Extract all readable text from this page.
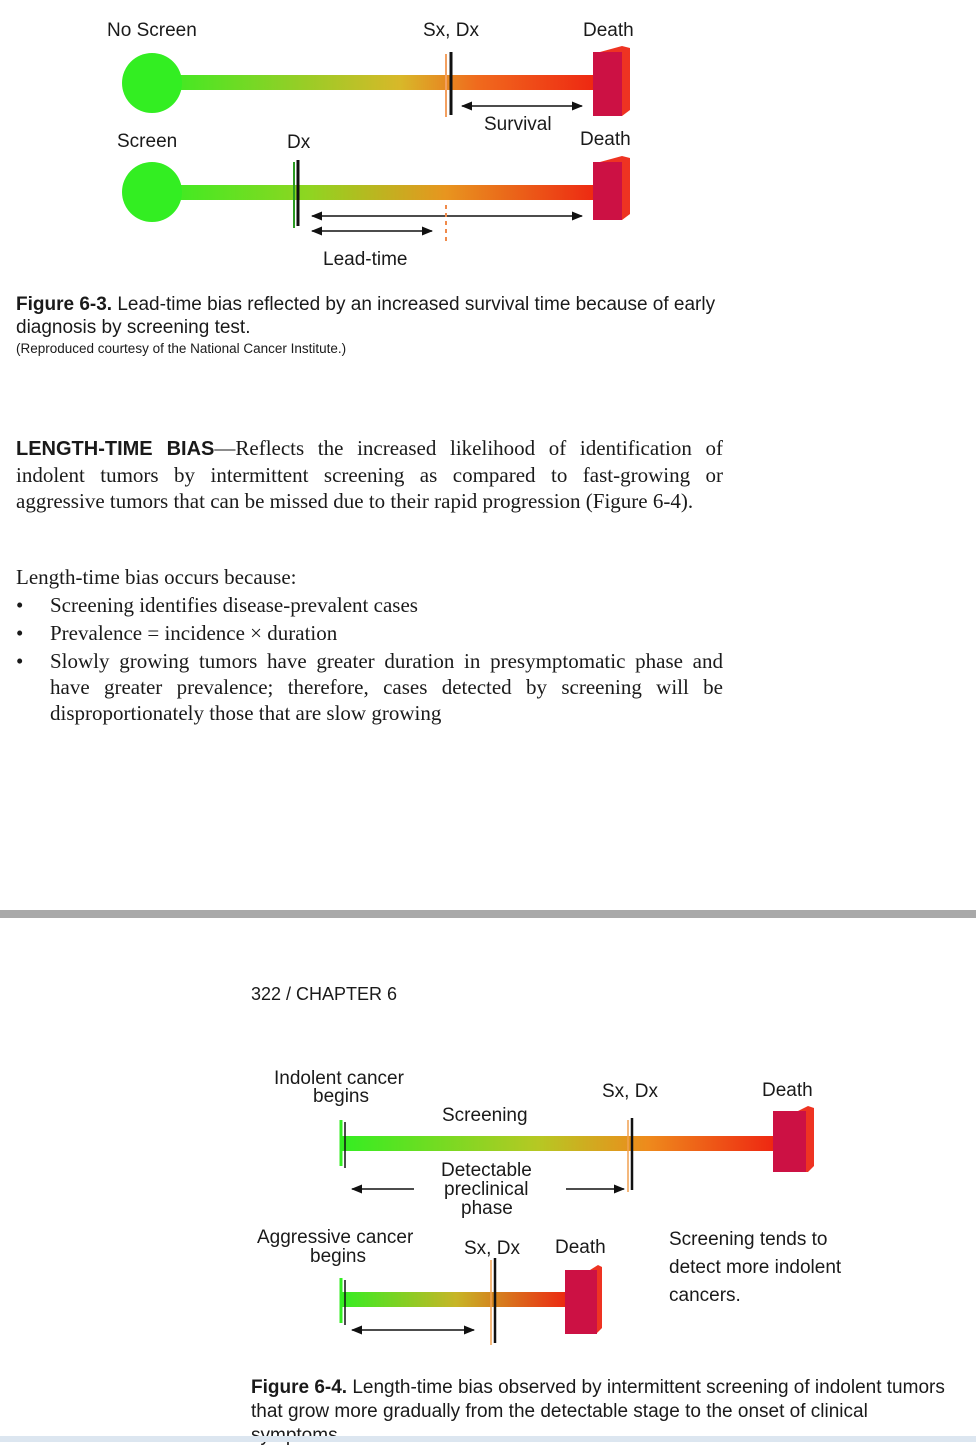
No Screen	Sx, Dx	Death
Survival
Screen	Dx	Death
Lead-time
Figure 6-3. Lead-time bias reflected by an increased survival time because of early diagnosis by screening test.
(Reproduced courtesy of the National Cancer Institute.)
LENGTH-TIME BIAS—Reflects the increased likelihood of identification of indolent tumors by intermittent screening as compared to fast-growing or aggressive tumors that can be missed due to their rapid progression (Figure 6-4).
Length-time bias occurs because:
• Screening identifies disease-prevalent cases
• Prevalence = incidence × duration
• Slowly growing tumors have greater duration in presymptomatic phase and have greater prevalence; therefore, cases detected by screening will be disproportionately those that are slow growing
322 / CHAPTER 6
Indolent cancer
begins
Screening
Sx, Dx	Death
Detectable
preclinical
phase
Aggressive cancer
begins	Sx, Dx Death	Screening tends to
detect more indolent
cancers.
Figure 6-4. Length-time bias observed by intermittent screening of indolent tumors that grow more gradually from the detectable stage to the onset of clinical
